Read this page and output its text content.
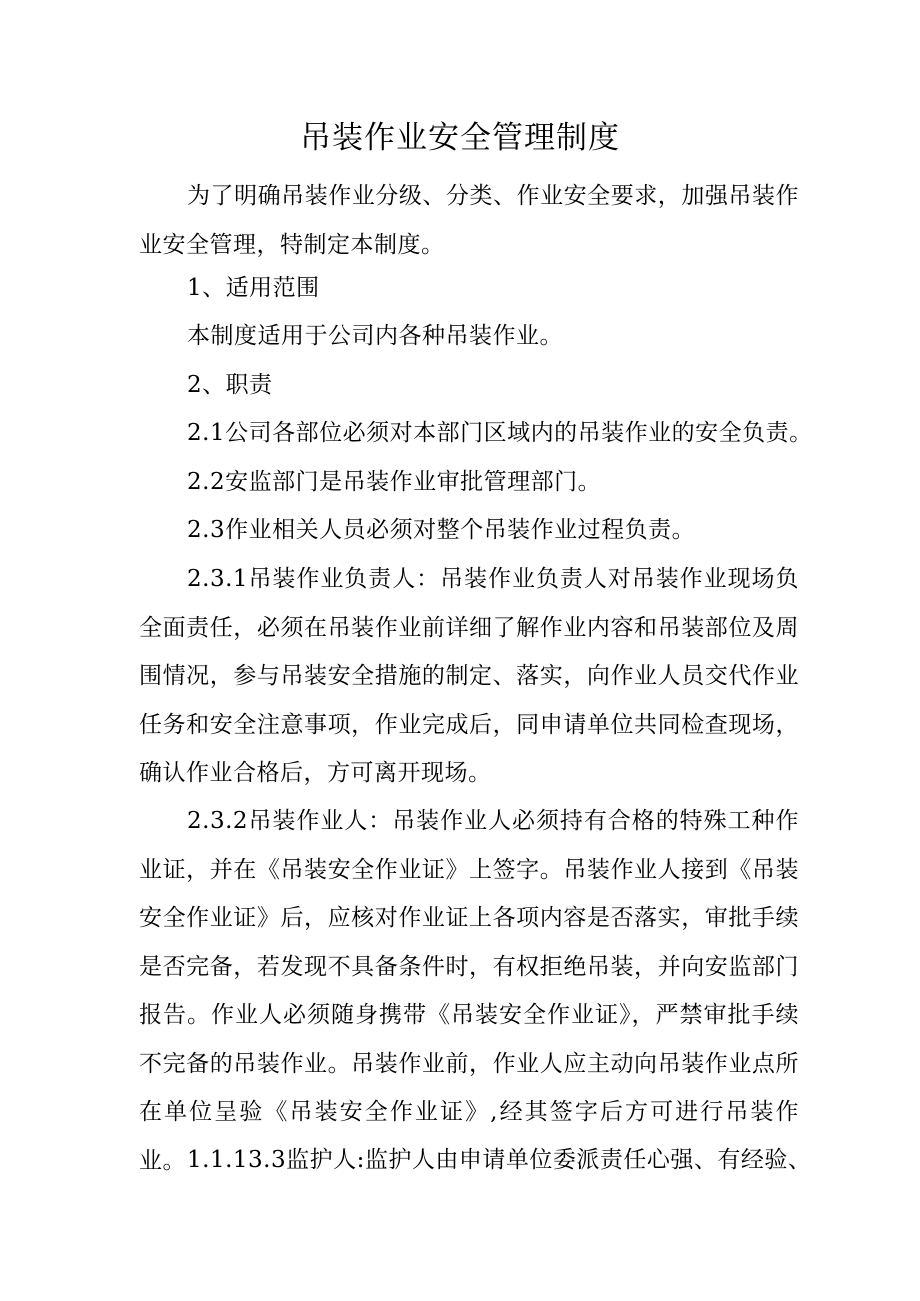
吊装作业安全管理制度

为了明确吊装作业分级、分类、作业安全要求，加强吊装作业安全管理，特制定本制度。

1、适用范围

本制度适用于公司内各种吊装作业。

2、职责

2.1公司各部位必须对本部门区域内的吊装作业的安全负责。

2.2安监部门是吊装作业审批管理部门。

2.3作业相关人员必须对整个吊装作业过程负责。

2.3.1吊装作业负责人：吊装作业负责人对吊装作业现场负全面责任，必须在吊装作业前详细了解作业内容和吊装部位及周围情况，参与吊装安全措施的制定、落实，向作业人员交代作业任务和安全注意事项，作业完成后，同申请单位共同检查现场，确认作业合格后，方可离开现场。

2.3.2吊装作业人：吊装作业人必须持有合格的特殊工种作业证，并在《吊装安全作业证》上签字。吊装作业人接到《吊装安全作业证》后，应核对作业证上各项内容是否落实，审批手续是否完备，若发现不具备条件时，有权拒绝吊装，并向安监部门报告。作业人必须随身携带《吊装安全作业证》，严禁审批手续不完备的吊装作业。吊装作业前，作业人应主动向吊装作业点所在单位呈验《吊装安全作业证》,经其签字后方可进行吊装作业。 1.1.13.3监护人:监护人由申请单位委派责任心强、有经验、
